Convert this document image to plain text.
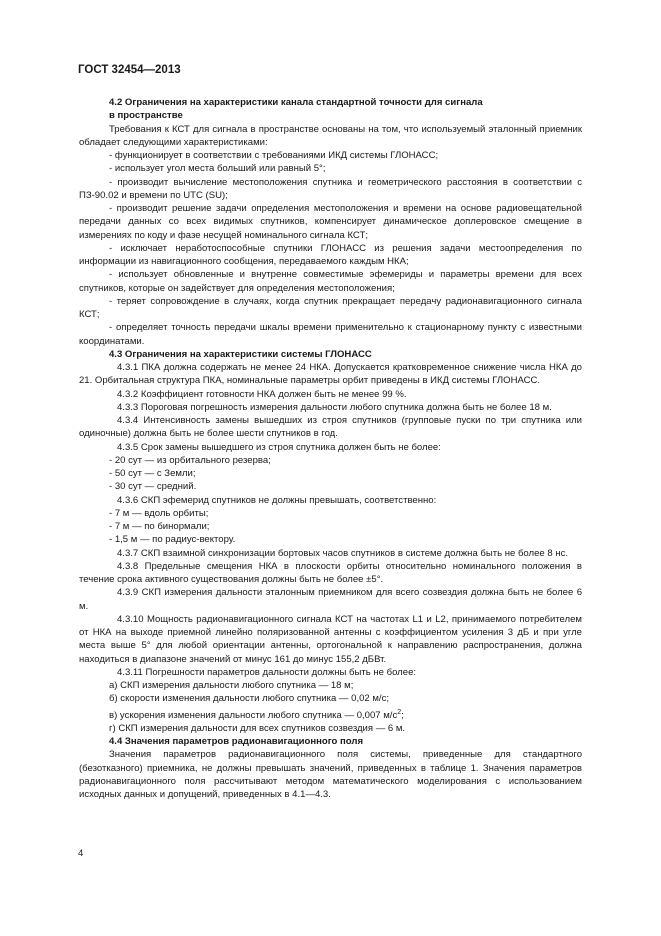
ГОСТ 32454—2013

4.2 Ограничения на характеристики канала стандартной точности для сигнала
в пространстве

Требования к КСТ для сигнала в пространстве основаны на том, что используемый эталонный приемник обладает следующими характеристиками:

- функционирует в соответствии с требованиями ИКД системы ГЛОНАСС;

- использует угол места больший или равный 5°;

- производит вычисление местоположения спутника и геометрического расстояния в соответствии с ПЗ-90.02 и времени по UTC (SU);

- производит решение задачи определения местоположения и времени на основе радиовещательной передачи данных со всех видимых спутников, компенсирует динамическое доплеровское смещение в измерениях по коду и фазе несущей номинального сигнала КСТ;

- исключает неработоспособные спутники ГЛОНАСС из решения задачи местоопределения по информации из навигационного сообщения, передаваемого каждым НКА;

- использует обновленные и внутренне совместимые эфемериды и параметры времени для всех спутников, которые он задействует для определения местоположения;

- теряет сопровождение в случаях, когда спутник прекращает передачу радионавигационного сигнала КСТ;

- определяет точность передачи шкалы времени применительно к стационарному пункту с известными координатами.

4.3 Ограничения на характеристики системы ГЛОНАСС

4.3.1 ПКА должна содержать не менее 24 НКА. Допускается кратковременное снижение числа НКА до 21. Орбитальная структура ПКА, номинальные параметры орбит приведены в ИКД системы ГЛОНАСС.

4.3.2 Коэффициент готовности НКА должен быть не менее 99 %.

4.3.3 Пороговая погрешность измерения дальности любого спутника должна быть не более 18 м.

4.3.4 Интенсивность замены вышедших из строя спутников (групповые пуски по три спутника или одиночные) должна быть не более шести спутников в год.

4.3.5 Срок замены вышедшего из строя спутника должен быть не более:

- 20 сут — из орбитального резерва;

- 50 сут — с Земли;

- 30 сут — средний.

4.3.6 СКП эфемерид спутников не должны превышать, соответственно:

- 7 м — вдоль орбиты;

- 7 м — по бинормали;

- 1,5 м — по радиус-вектору.

4.3.7 СКП взаимной синхронизации бортовых часов спутников в системе должна быть не более 8 нс.

4.3.8 Предельные смещения НКА в плоскости орбиты относительно номинального положения в течение срока активного существования должны быть не более ±5°.

4.3.9 СКП измерения дальности эталонным приемником для всего созвездия должна быть не более 6 м.

4.3.10 Мощность радионавигационного сигнала КСТ на частотах L1 и L2, принимаемого потребителем от НКА на выходе приемной линейно поляризованной антенны с коэффициентом усиления 3 дБ и при угле места выше 5° для любой ориентации антенны, ортогональной к направлению распространения, должна находиться в диапазоне значений от минус 161 до минус 155,2 дБВт.

4.3.11 Погрешности параметров дальности должны быть не более:

а) СКП измерения дальности любого спутника — 18 м;

б) скорости изменения дальности любого спутника — 0,02 м/с;

в) ускорения изменения дальности любого спутника — 0,007 $м/с^2$;

г) СКП измерения дальности для всех спутников созвездия — 6 м.

4.4 Значения параметров радионавигационного поля

Значения параметров радионавигационного поля системы, приведенные для стандартного (безотказного) приемника, не должны превышать значений, приведенных в таблице 1. Значения параметров радионавигационного поля рассчитывают методом математического моделирования с использованием исходных данных и допущений, приведенных в 4.1—4.3.

4
